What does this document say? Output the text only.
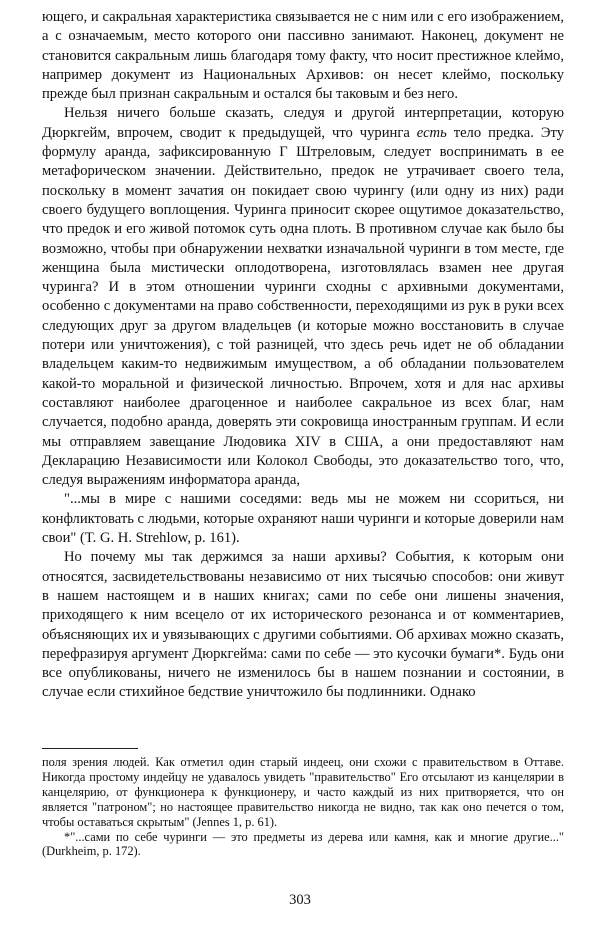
ющего, и сакральная характеристика связывается не с ним или с его изображением, а с означаемым, место которого они пассивно занимают. Наконец, документ не становится сакральным лишь благодаря тому факту, что носит престижное клеймо, например документ из Национальных Архивов: он несет клеймо, поскольку прежде был признан сакральным и остался бы таковым и без него.

Нельзя ничего больше сказать, следуя и другой интерпретации, которую Дюркгейм, впрочем, сводит к предыдущей, что чуринга есть тело предка. Эту формулу аранда, зафиксированную Г Штреловым, следует воспринимать в ее метафорическом значении. Действительно, предок не утрачивает своего тела, поскольку в момент зачатия он покидает свою чурингу (или одну из них) ради своего будущего воплощения. Чуринга приносит скорее ощутимое доказательство, что предок и его живой потомок суть одна плоть. В противном случае как было бы возможно, чтобы при обнаружении нехватки изначальной чуринги в том месте, где женщина была мистически оплодотворена, изготовлялась взамен нее другая чуринга? И в этом отношении чуринги сходны с архивными документами, особенно с документами на право собственности, переходящими из рук в руки всех следующих друг за другом владельцев (и которые можно восстановить в случае потери или уничтожения), с той разницей, что здесь речь идет не об обладании владельцем каким-то недвижимым имуществом, а об обладании пользователем какой-то моральной и физической личностью. Впрочем, хотя и для нас архивы составляют наиболее драгоценное и наиболее сакральное из всех благ, нам случается, подобно аранда, доверять эти сокровища иностранным группам. И если мы отправляем завещание Людовика XIV в США, а они предоставляют нам Декларацию Независимости или Колокол Свободы, это доказательство того, что, следуя выражениям информатора аранда,

"...мы в мире с нашими соседями: ведь мы не можем ни ссориться, ни конфликтовать с людьми, которые охраняют наши чуринги и которые доверили нам свои" (T. G. H. Strehlow, p. 161).

Но почему мы так держимся за наши архивы? События, к которым они относятся, засвидетельствованы независимо от них тысячью способов: они живут в нашем настоящем и в наших книгах; сами по себе они лишены значения, приходящего к ним всецело от их исторического резонанса и от комментариев, объясняющих их и увязывающих с другими событиями. Об архивах можно сказать, перефразируя аргумент Дюркгейма: сами по себе — это кусочки бумаги*. Будь они все опубликованы, ничего не изменилось бы в нашем познании и состоянии, в случае если стихийное бедствие уничтожило бы подлинники. Однако

поля зрения людей. Как отметил один старый индеец, они схожи с правительством в Оттаве. Никогда простому индейцу не удавалось увидеть "правительство" Его отсылают из канцелярии в канцелярию, от функционера к функционеру, и часто каждый из них притворяется, что он является "патроном"; но настоящее правительство никогда не видно, так как оно печется о том, чтобы оставаться скрытым" (Jennes 1, p. 61).

*"...сами по себе чуринги — это предметы из дерева или камня, как и многие другие..." (Durkheim, p. 172).

303
